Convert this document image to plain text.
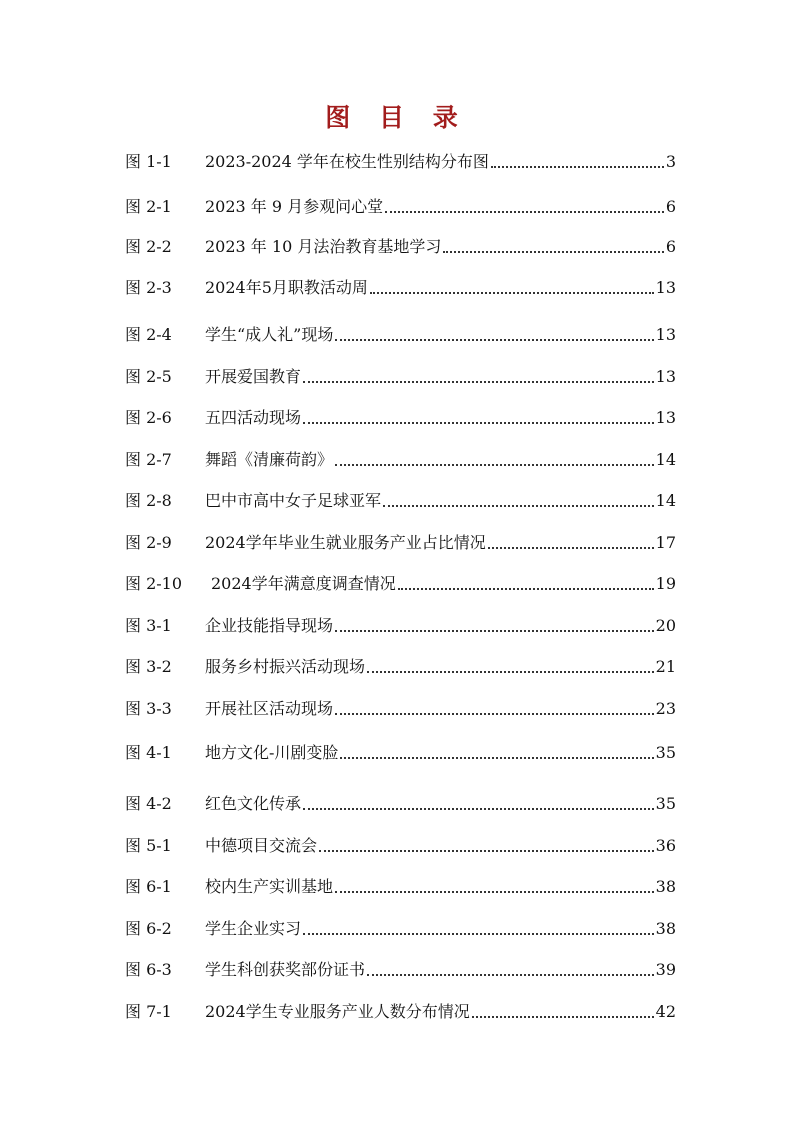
图 目 录
图 1-1	2023-2024 学年在校生性别结构分布图	3
图 2-1	2023 年 9 月参观问心堂	6
图 2-2	2023 年 10 月法治教育基地学习	6
图 2-3	2024年5月职教活动周	13
图 2-4	学生“成人礼”现场	13
图 2-5	开展爱国教育	13
图 2-6	五四活动现场	13
图 2-7	舞蹈《清廉荷韵》	14
图 2-8	巴中市高中女子足球亚军	14
图 2-9	2024学年毕业生就业服务产业占比情况	17
图 2-10	2024学年满意度调查情况	19
图 3-1	企业技能指导现场	20
图 3-2	服务乡村振兴活动现场	21
图 3-3	开展社区活动现场	23
图 4-1	地方文化-川剧变脸	35
图 4-2	红色文化传承	35
图 5-1	中德项目交流会	36
图 6-1	校内生产实训基地	38
图 6-2	学生企业实习	38
图 6-3	学生科创获奖部份证书	39
图 7-1	2024学生专业服务产业人数分布情况	42
